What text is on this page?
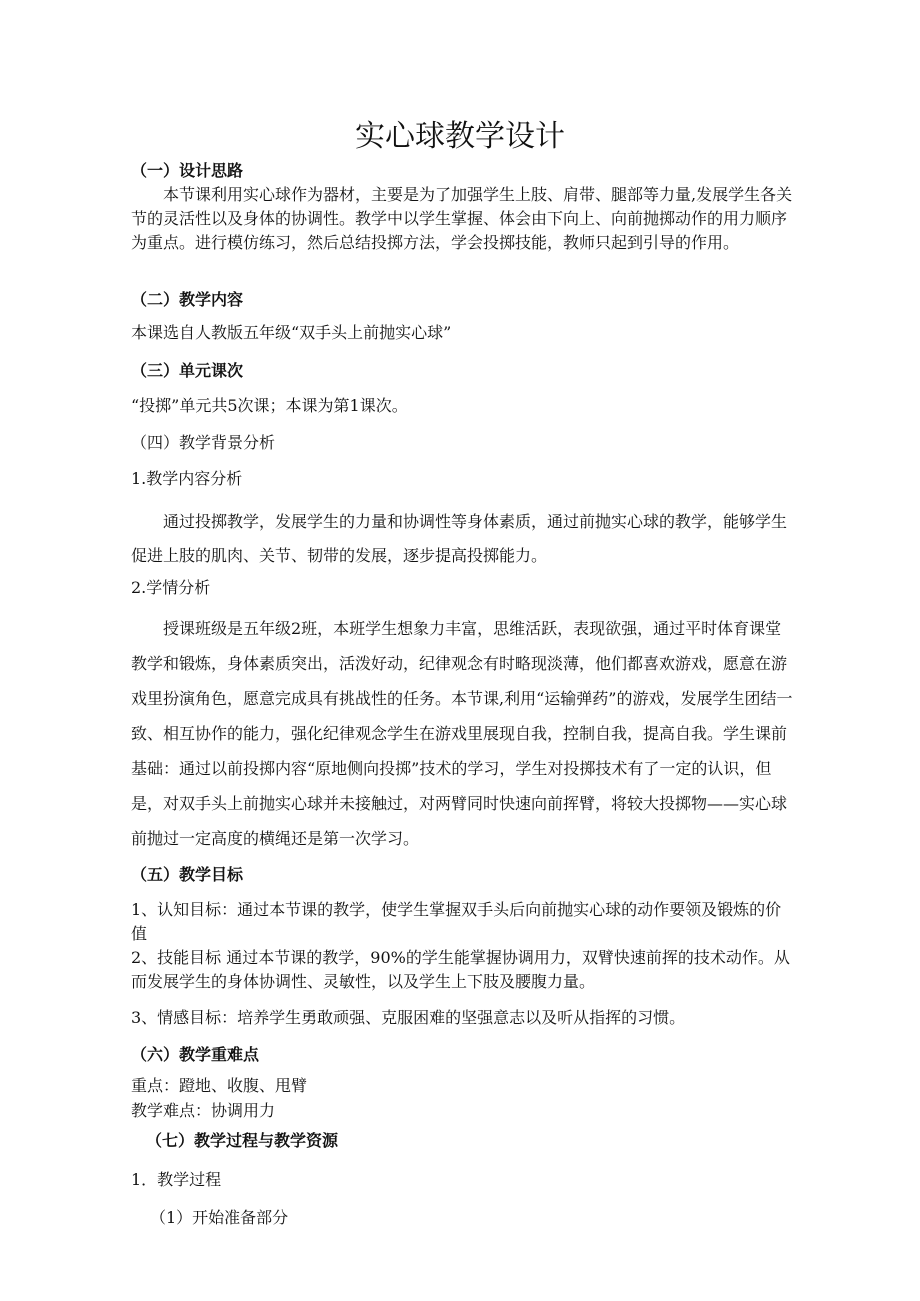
实心球教学设计
（一）设计思路
本节课利用实心球作为器材，主要是为了加强学生上肢、肩带、腿部等力量,发展学生各关节的灵活性以及身体的协调性。教学中以学生掌握、体会由下向上、向前抛掷动作的用力顺序为重点。进行模仿练习，然后总结投掷方法，学会投掷技能，教师只起到引导的作用。
（二）教学内容
本课选自人教版五年级“双手头上前抛实心球”
（三）单元课次
“投掷”单元共5次课；本课为第1课次。
（四）教学背景分析
1.教学内容分析
通过投掷教学，发展学生的力量和协调性等身体素质，通过前抛实心球的教学，能够学生促进上肢的肌肉、关节、韧带的发展，逐步提高投掷能力。
2.学情分析
授课班级是五年级2班，本班学生想象力丰富，思维活跃，表现欲强，通过平时体育课堂教学和锻炼，身体素质突出，活泼好动，纪律观念有时略现淡薄，他们都喜欢游戏，愿意在游戏里扮演角色，愿意完成具有挑战性的任务。本节课,利用“运输弹药”的游戏，发展学生团结一致、相互协作的能力，强化纪律观念学生在游戏里展现自我，控制自我，提高自我。学生课前基础：通过以前投掷内容“原地侧向投掷”技术的学习，学生对投掷技术有了一定的认识，但是，对双手头上前抛实心球并未接触过，对两臂同时快速向前挥臂，将较大投掷物——实心球前抛过一定高度的横绳还是第一次学习。
（五）教学目标
1、认知目标：通过本节课的教学，使学生掌握双手头后向前抛实心球的动作要领及锻炼的价值
2、技能目标 通过本节课的教学，90%的学生能掌握协调用力，双臂快速前挥的技术动作。从而发展学生的身体协调性、灵敏性，以及学生上下肢及腰腹力量。
3、情感目标：培养学生勇敢顽强、克服困难的坚强意志以及听从指挥的习惯。
（六）教学重难点
重点：蹬地、收腹、甩臂
教学难点：协调用力
（七）教学过程与教学资源
1．教学过程
（1）开始准备部分
